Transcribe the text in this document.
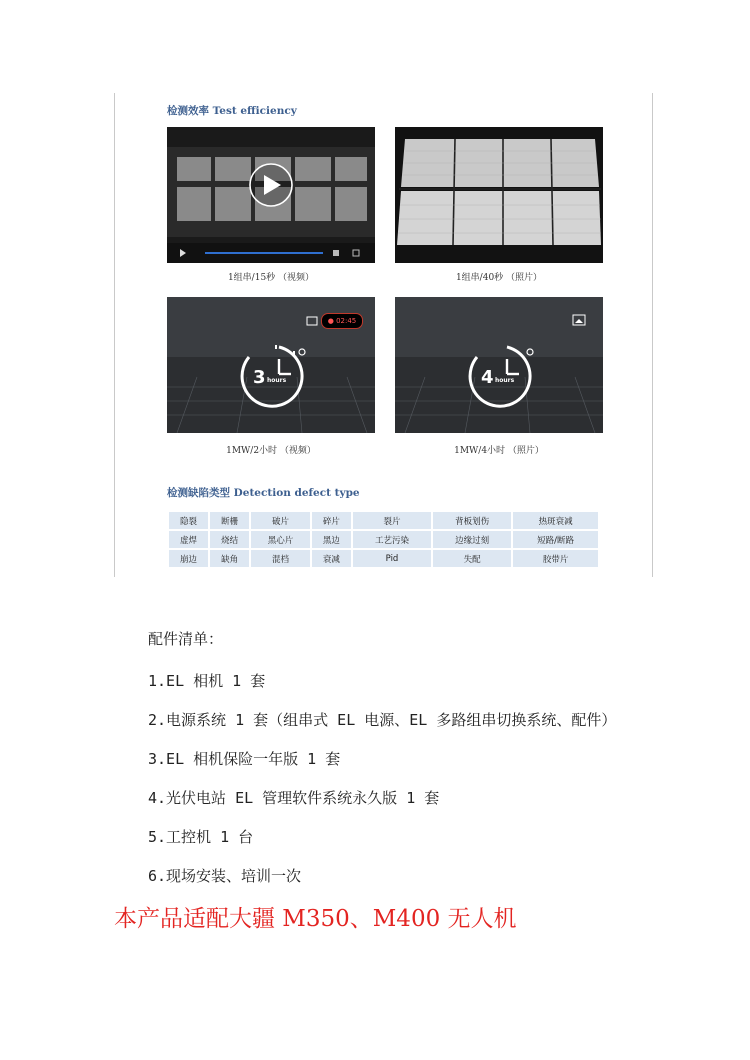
检测效率 Test efficiency
1组串/15秒 （视频）	1组串/40秒 （照片）
● 02:45
3 hours
1MW/2小时 （视频）
4 hours
1MW/4小时 （照片）
检测缺陷类型 Detection defect type
隐裂	断栅	破片	碎片	裂片	背板划伤	热斑衰减
虚焊	烧结	黑心片	黑边	工艺污染	边缘过刻	短路/断路
崩边	缺角	混档	衰减	Pid	失配	胶带片
配件清单：
1.EL 相机 1 套
2.电源系统 1 套（组串式 EL 电源、EL 多路组串切换系统、配件）
3.EL 相机保险一年版 1 套
4.光伏电站 EL 管理软件系统永久版 1 套
5.工控机 1 台
6.现场安装、培训一次
本产品适配大疆 M350、M400 无人机
